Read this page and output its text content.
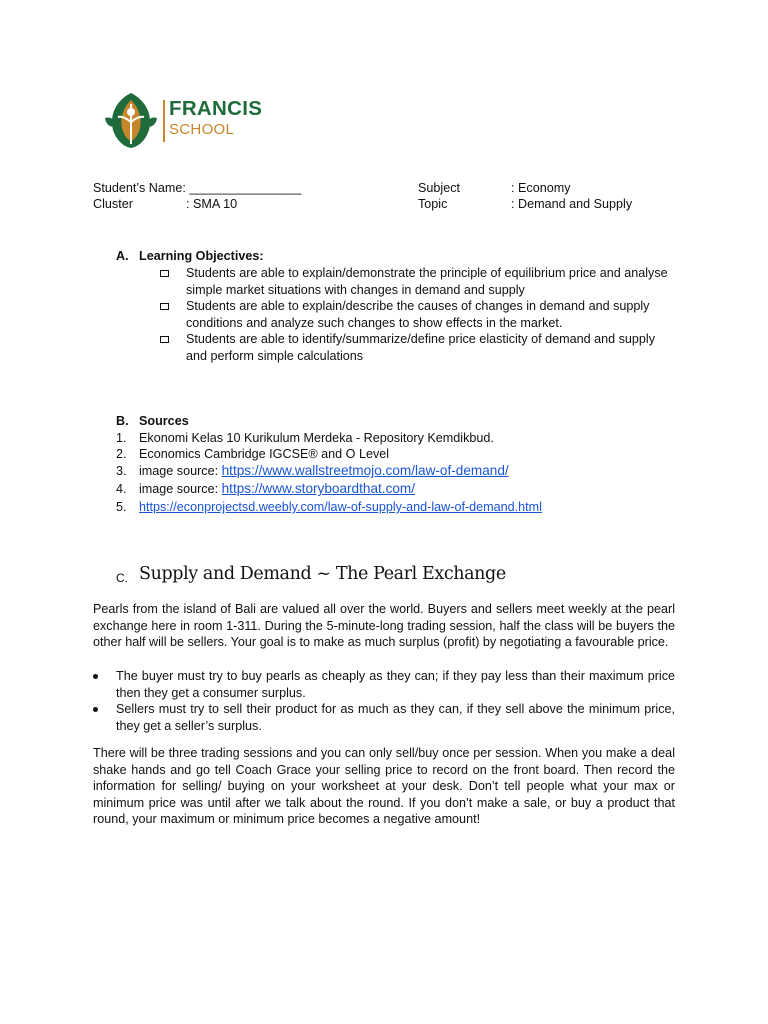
FRANCIS
SCHOOL
Student’s Name: ________________
Cluster	: SMA 10
Subject	: Economy
Topic	: Demand and Supply
A. Learning Objectives:
Students are able to explain/demonstrate the principle of equilibrium price and analyse simple market situations with changes in demand and supply
Students are able to explain/describe the causes of changes in demand and supply conditions and analyze such changes to show effects in the market.
Students are able to identify/summarize/define price elasticity of demand and supply and perform simple calculations
B. Sources
1. Ekonomi Kelas 10 Kurikulum Merdeka - Repository Kemdikbud.
2. Economics Cambridge IGCSE® and O Level
3. image source: https://www.wallstreetmojo.com/law-of-demand/
4. image source: https://www.storyboardthat.com/
5. https://econprojectsd.weebly.com/law-of-supply-and-law-of-demand.html
C. Supply and Demand ~ The Pearl Exchange
Pearls from the island of Bali are valued all over the world. Buyers and sellers meet weekly at the pearl exchange here in room 1-311. During the 5-minute-long trading session, half the class will be buyers the other half will be sellers. Your goal is to make as much surplus (profit) by negotiating a favourable price.
The buyer must try to buy pearls as cheaply as they can; if they pay less than their maximum price then they get a consumer surplus.
Sellers must try to sell their product for as much as they can, if they sell above the minimum price, they get a seller’s surplus.
There will be three trading sessions and you can only sell/buy once per session. When you make a deal shake hands and go tell Coach Grace your selling price to record on the front board. Then record the information for selling/ buying on your worksheet at your desk. Don’t tell people what your max or minimum price was until after we talk about the round. If you don’t make a sale, or buy a product that round, your maximum or minimum price becomes a negative amount!
